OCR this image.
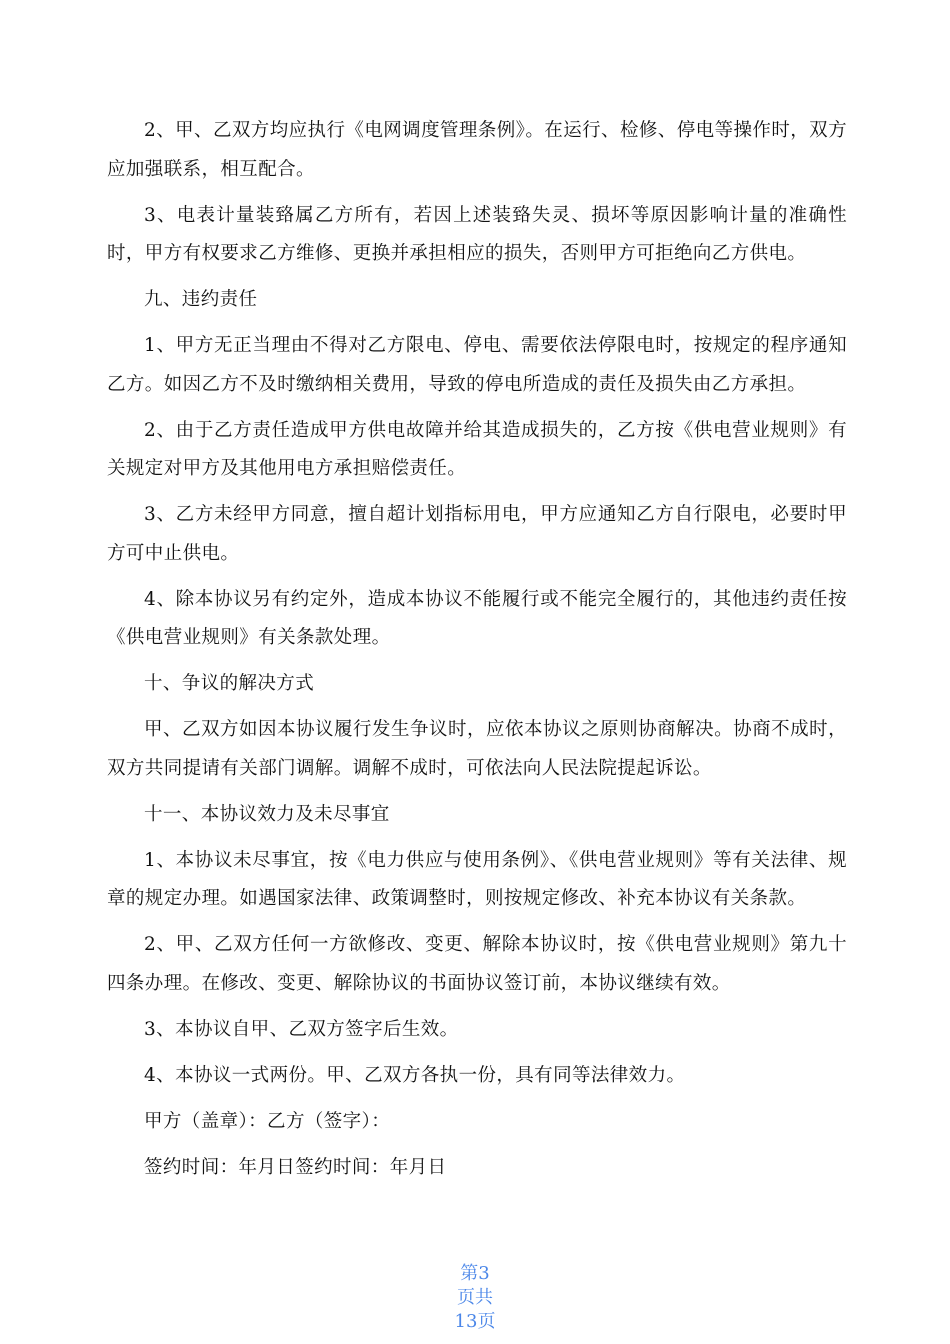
2、甲、乙双方均应执行《电网调度管理条例》。在运行、检修、停电等操作时，双方应加强联系，相互配合。

3、电表计量装臵属乙方所有，若因上述装臵失灵、损坏等原因影响计量的准确性时，甲方有权要求乙方维修、更换并承担相应的损失，否则甲方可拒绝向乙方供电。

九、违约责任

1、甲方无正当理由不得对乙方限电、停电、需要依法停限电时，按规定的程序通知乙方。如因乙方不及时缴纳相关费用，导致的停电所造成的责任及损失由乙方承担。

2、由于乙方责任造成甲方供电故障并给其造成损失的，乙方按《供电营业规则》有关规定对甲方及其他用电方承担赔偿责任。

3、乙方未经甲方同意，擅自超计划指标用电，甲方应通知乙方自行限电，必要时甲方可中止供电。

4、除本协议另有约定外，造成本协议不能履行或不能完全履行的，其他违约责任按《供电营业规则》有关条款处理。

十、争议的解决方式

甲、乙双方如因本协议履行发生争议时，应依本协议之原则协商解决。协商不成时，双方共同提请有关部门调解。调解不成时，可依法向人民法院提起诉讼。

十一、本协议效力及未尽事宜

1、本协议未尽事宜，按《电力供应与使用条例》、《供电营业规则》等有关法律、规章的规定办理。如遇国家法律、政策调整时，则按规定修改、补充本协议有关条款。

2、甲、乙双方任何一方欲修改、变更、解除本协议时，按《供电营业规则》第九十四条办理。在修改、变更、解除协议的书面协议签订前，本协议继续有效。

3、本协议自甲、乙双方签字后生效。

4、本协议一式两份。甲、乙双方各执一份，具有同等法律效力。

甲方（盖章）：乙方（签字）：

签约时间：年月日签约时间：年月日

第3
页共
13页
